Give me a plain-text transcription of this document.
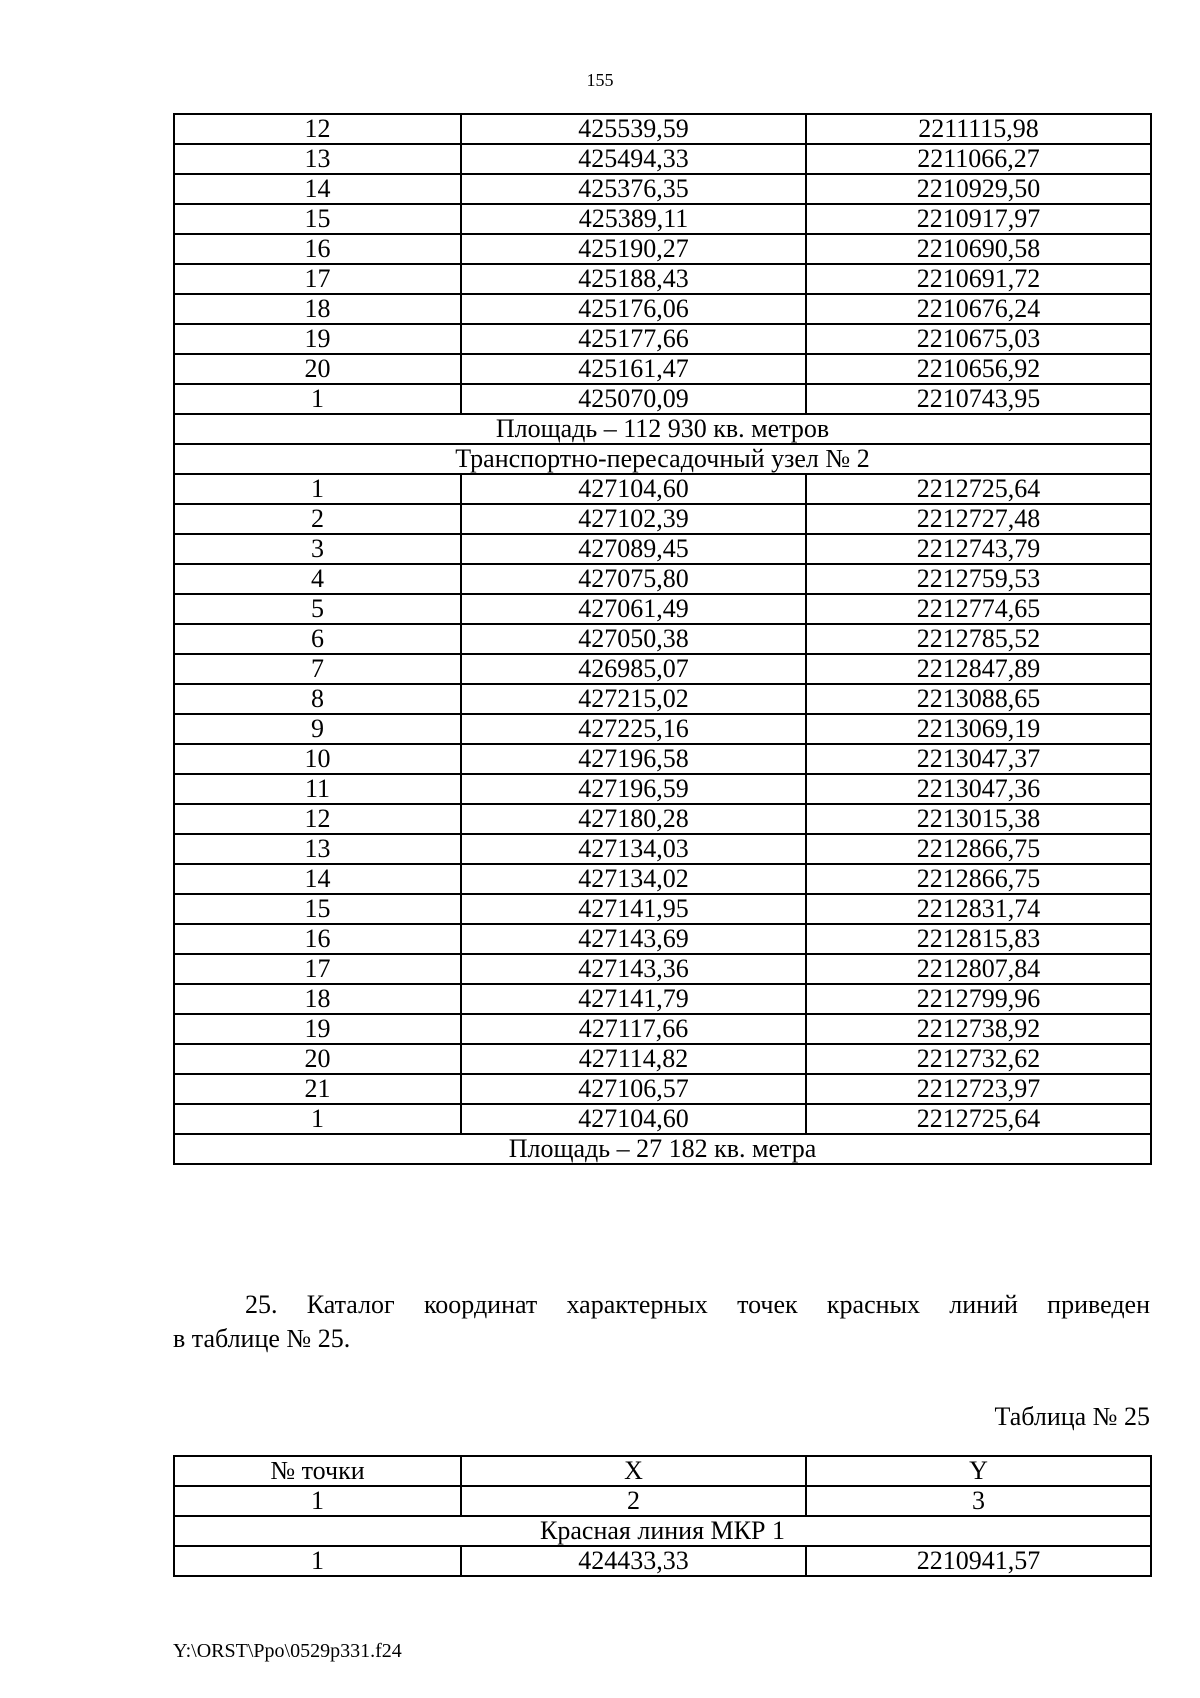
155
12	425539,59	2211115,98
13	425494,33	2211066,27
14	425376,35	2210929,50
15	425389,11	2210917,97
16	425190,27	2210690,58
17	425188,43	2210691,72
18	425176,06	2210676,24
19	425177,66	2210675,03
20	425161,47	2210656,92
1	425070,09	2210743,95
Площадь – 112 930 кв. метров		
Транспортно-пересадочный узел № 2		
1	427104,60	2212725,64
2	427102,39	2212727,48
3	427089,45	2212743,79
4	427075,80	2212759,53
5	427061,49	2212774,65
6	427050,38	2212785,52
7	426985,07	2212847,89
8	427215,02	2213088,65
9	427225,16	2213069,19
10	427196,58	2213047,37
11	427196,59	2213047,36
12	427180,28	2213015,38
13	427134,03	2212866,75
14	427134,02	2212866,75
15	427141,95	2212831,74
16	427143,69	2212815,83
17	427143,36	2212807,84
18	427141,79	2212799,96
19	427117,66	2212738,92
20	427114,82	2212732,62
21	427106,57	2212723,97
1	427104,60	2212725,64
Площадь – 27 182 кв. метра		
25. Каталог координат характерных точек красных линий приведен
в таблице № 25.
Таблица № 25
№ точки	X	Y
1	2	3
Красная линия МКР 1		
1	424433,33	2210941,57
Y:\ORST\Ppo\0529p331.f24
